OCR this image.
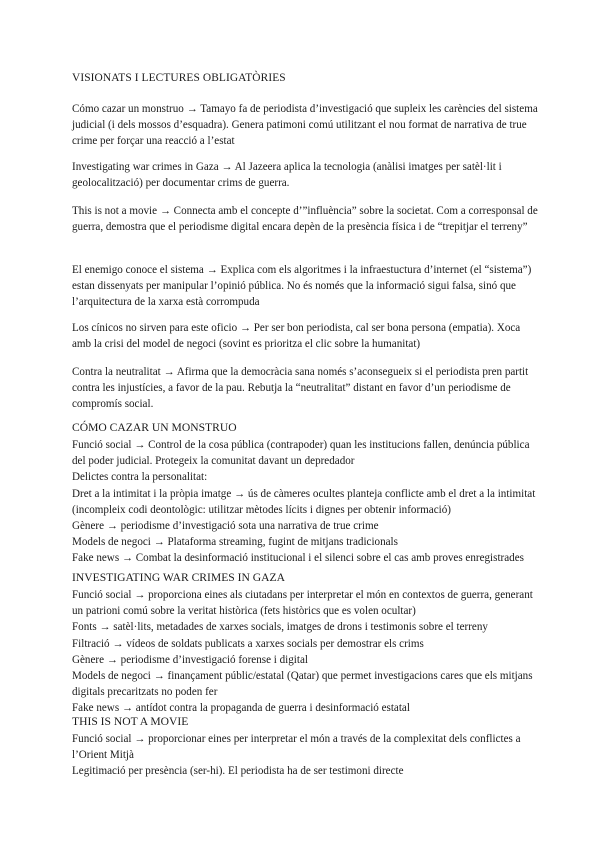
VISIONATS I LECTURES OBLIGATÒRIES

Cómo cazar un monstruo → Tamayo fa de periodista d’investigació que supleix les carències del sistema judicial (i dels mossos d’esquadra). Genera patimoni comú utilitzant el nou format de narrativa de true crime per forçar una reacció a l’estat

Investigating war crimes in Gaza → Al Jazeera aplica la tecnologia (anàlisi imatges per satèl·lit i geolocalització) per documentar crims de guerra.

This is not a movie → Connecta amb el concepte d’”influència” sobre la societat. Com a corresponsal de guerra, demostra que el periodisme digital encara depèn de la presència física i de “trepitjar el terreny”

El enemigo conoce el sistema → Explica com els algoritmes i la infraestuctura d’internet (el “sistema”) estan dissenyats per manipular l’opinió pública. No és només que la informació sigui falsa, sinó que l’arquitectura de la xarxa està corrompuda

Los cínicos no sirven para este oficio → Per ser bon periodista, cal ser bona persona (empatia). Xoca amb la crisi del model de negoci (sovint es prioritza el clic sobre la humanitat)

Contra la neutralitat → Afirma que la democràcia sana només s’aconsegueix si el periodista pren partit contra les injustícies, a favor de la pau. Rebutja la “neutralitat” distant en favor d’un periodisme de compromís social.

CÓMO CAZAR UN MONSTRUO

Funció social → Control de la cosa pública (contrapoder) quan les institucions fallen, denúncia pública del poder judicial. Protegeix la comunitat davant un depredador

Delictes contra la personalitat:

Dret a la intimitat i la pròpia imatge → ús de càmeres ocultes planteja conflicte amb el dret a la intimitat (incompleix codi deontològic: utilitzar mètodes lícits i dignes per obtenir informació)

Gènere → periodisme d’investigació sota una narrativa de true crime

Models de negoci → Plataforma streaming, fugint de mitjans tradicionals

Fake news → Combat la desinformació institucional i el silenci sobre el cas amb proves enregistrades

INVESTIGATING WAR CRIMES IN GAZA

Funció social → proporciona eines als ciutadans per interpretar el món en contextos de guerra, generant un patrioni comú sobre la veritat històrica (fets històrics que es volen ocultar)

Fonts → satèl·lits, metadades de xarxes socials, imatges de drons i testimonis sobre el terreny

Filtració → vídeos de soldats publicats a xarxes socials per demostrar els crims

Gènere → periodisme d’investigació forense i digital

Models de negoci → finançament públic/estatal (Qatar) que permet investigacions cares que els mitjans digitals precaritzats no poden fer

Fake news → antídot contra la propaganda de guerra i desinformació estatal

THIS IS NOT A MOVIE

Funció social → proporcionar eines per interpretar el món a través de la complexitat dels conflictes a l’Orient Mitjà

Legitimació per presència (ser-hi). El periodista ha de ser testimoni directe
